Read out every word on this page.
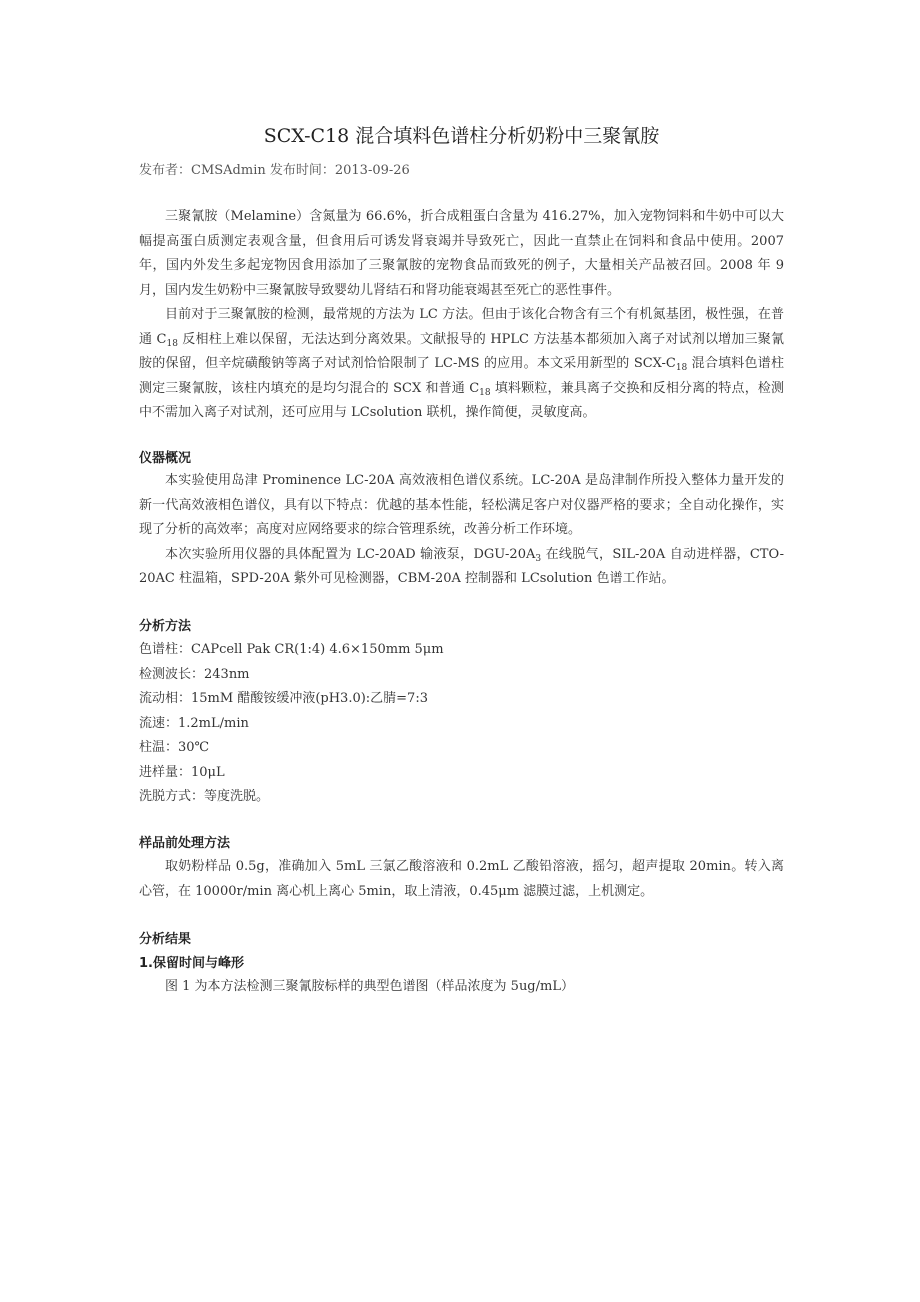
SCX-C18 混合填料色谱柱分析奶粉中三聚氰胺
发布者：CMSAdmin 发布时间：2013-09-26

三聚氰胺（Melamine）含氮量为 66.6%，折合成粗蛋白含量为 416.27%，加入宠物饲料和牛奶中可以大幅提高蛋白质测定表观含量，但食用后可诱发肾衰竭并导致死亡，因此一直禁止在饲料和食品中使用。2007 年，国内外发生多起宠物因食用添加了三聚氰胺的宠物食品而致死的例子，大量相关产品被召回。2008 年 9 月，国内发生奶粉中三聚氰胺导致婴幼儿肾结石和肾功能衰竭甚至死亡的恶性事件。

目前对于三聚氰胺的检测，最常规的方法为 LC 方法。但由于该化合物含有三个有机氮基团，极性强，在普通 $C_{18}$ 反相柱上难以保留，无法达到分离效果。文献报导的 HPLC 方法基本都须加入离子对试剂以增加三聚氰胺的保留，但辛烷磺酸钠等离子对试剂恰恰限制了 LC-MS 的应用。本文采用新型的 SCX-$C_{18}$ 混合填料色谱柱测定三聚氰胺，该柱内填充的是均匀混合的 SCX 和普通 $C_{18}$ 填料颗粒，兼具离子交换和反相分离的特点，检测中不需加入离子对试剂，还可应用与 LCsolution 联机，操作简便，灵敏度高。

仪器概况

本实验使用岛津 Prominence LC-20A 高效液相色谱仪系统。LC-20A 是岛津制作所投入整体力量开发的新一代高效液相色谱仪，具有以下特点：优越的基本性能，轻松满足客户对仪器严格的要求；全自动化操作，实现了分析的高效率；高度对应网络要求的综合管理系统，改善分析工作环境。

本次实验所用仪器的具体配置为 LC-20AD 输液泵，DGU-$20A_3$ 在线脱气，SIL-20A 自动进样器，CTO-20AC 柱温箱，SPD-20A 紫外可见检测器，CBM-20A 控制器和 LCsolution 色谱工作站。

分析方法
色谱柱：CAPcell Pak CR(1:4) 4.6×150mm 5μm
检测波长：243nm
流动相：15mM 醋酸铵缓冲液(pH3.0):乙腈=7:3
流速：1.2mL/min
柱温：30℃
进样量：10μL
洗脱方式：等度洗脱。
样品前处理方法

取奶粉样品 0.5g，准确加入 5mL 三氯乙酸溶液和 0.2mL 乙酸铅溶液，摇匀，超声提取 20min。转入离心管，在 10000r/min 离心机上离心 5min，取上清液，0.45μm 滤膜过滤，上机测定。

分析结果
1.保留时间与峰形

图 1 为本方法检测三聚氰胺标样的典型色谱图（样品浓度为 5ug/mL）
